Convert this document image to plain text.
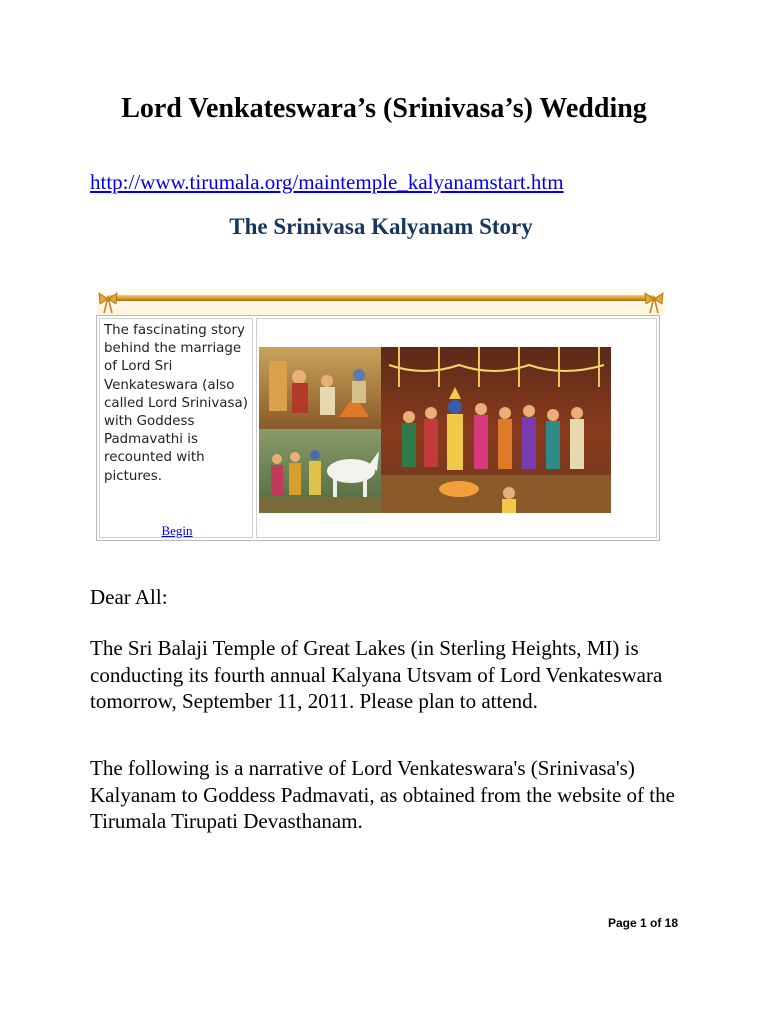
Lord Venkateswara’s (Srinivasa’s) Wedding
http://www.tirumala.org/maintemple_kalyanamstart.htm
The Srinivasa Kalyanam Story
The fascinating story behind the marriage of Lord Sri Venkateswara (also called Lord Srinivasa) with Goddess Padmavathi is recounted with pictures.
Begin
Dear All:

The Sri Balaji Temple of Great Lakes (in Sterling Heights, MI) is conducting its fourth annual Kalyana Utsvam of Lord Venkateswara tomorrow, September 11, 2011. Please plan to attend.

The following is a narrative of Lord Venkateswara's (Srinivasa's) Kalyanam to Goddess Padmavati, as obtained from the website of the Tirumala Tirupati Devasthanam.

Page 1 of 18
